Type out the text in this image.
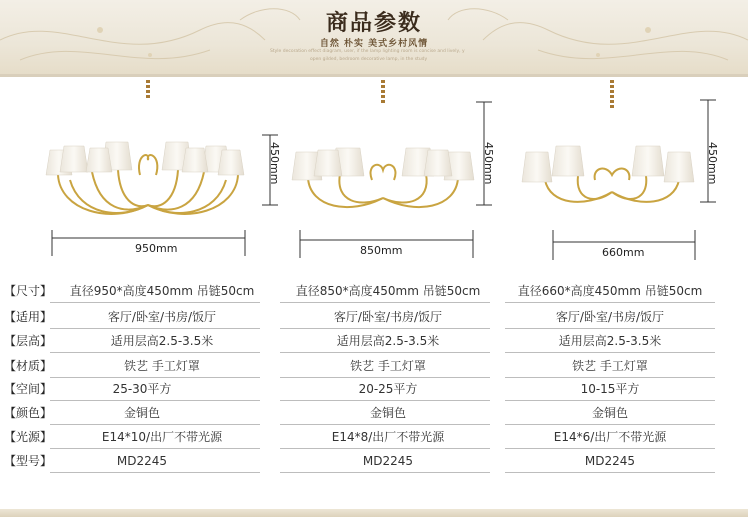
商品参数
自然 朴实 美式乡村风情
Style decoration effect diagram, user, if the lamp lighting room is concise and lively, y
open gilded, bedroom decorative lamp, in the study
450mm
950mm
450mm
850mm
450mm
660mm
【尺寸】	直径950*高度450mm 吊链50cm	直径850*高度450mm 吊链50cm	直径660*高度450mm 吊链50cm
【适用】	客厅/卧室/书房/饭厅	客厅/卧室/书房/饭厅	客厅/卧室/书房/饭厅
【层高】	适用层高2.5-3.5米	适用层高2.5-3.5米	适用层高2.5-3.5米
【材质】	铁艺 手工灯罩	铁艺 手工灯罩	铁艺 手工灯罩
【空间】	25-30平方	20-25平方	10-15平方
【颜色】	金铜色	金铜色	金铜色
【光源】	E14*10/出厂不带光源	E14*8/出厂不带光源	E14*6/出厂不带光源
【型号】	MD2245	MD2245	MD2245
